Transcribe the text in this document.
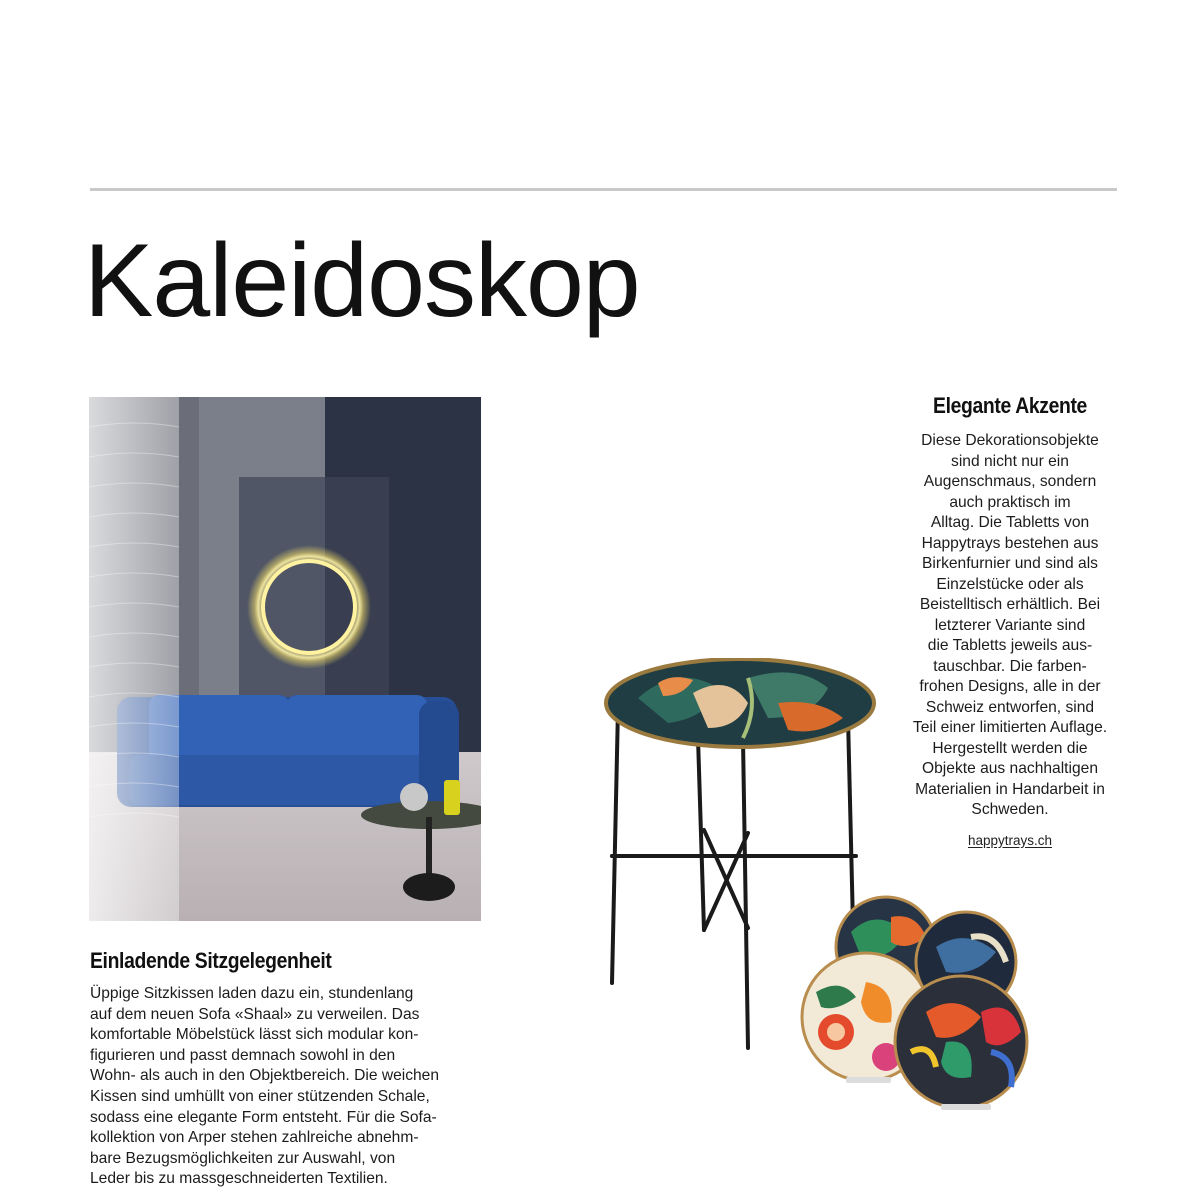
Kaleidoskop
Einladende Sitzgelegenheit

Üppige Sitzkissen laden dazu ein, stundenlang
auf dem neuen Sofa «Shaal» zu verweilen. Das
komfortable Möbelstück lässt sich modular kon-
figurieren und passt demnach sowohl in den
Wohn- als auch in den Objektbereich. Die weichen
Kissen sind umhüllt von einer stützenden Schale,
sodass eine elegante Form entsteht. Für die Sofa-
kollektion von Arper stehen zahlreiche abnehm-
bare Bezugsmöglichkeiten zur Auswahl, von
Leder bis zu massgeschneiderten Textilien.

Elegante Akzente

Diese Dekorationsobjekte
sind nicht nur ein
Augenschmaus, sondern
auch praktisch im
Alltag. Die Tabletts von
Happytrays bestehen aus
Birkenfurnier und sind als
Einzelstücke oder als
Beistelltisch erhältlich. Bei
letzterer Variante sind
die Tabletts jeweils aus-
tauschbar. Die farben-
frohen Designs, alle in der
Schweiz entworfen, sind
Teil einer limitierten Auflage.
Hergestellt werden die
Objekte aus nachhaltigen
Materialien in Handarbeit in
Schweden.

happytrays.ch
